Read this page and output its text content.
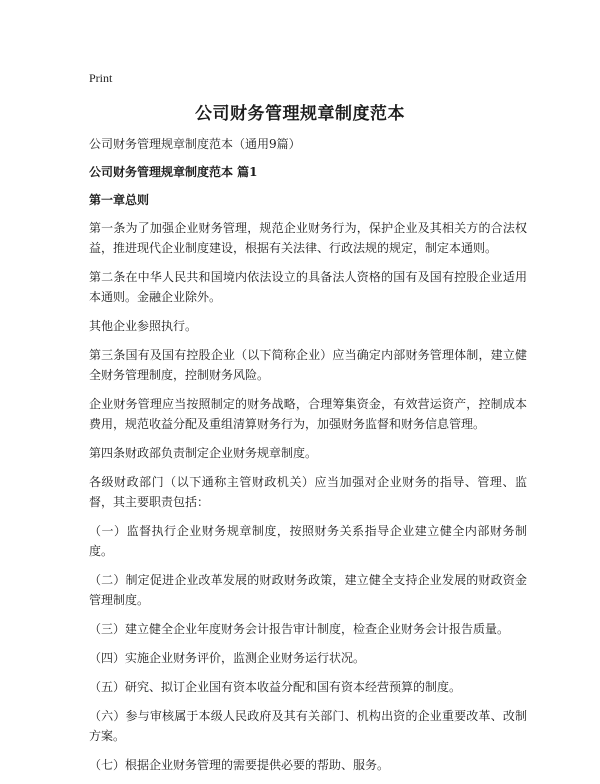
Print
公司财务管理规章制度范本

公司财务管理规章制度范本（通用9篇）

公司财务管理规章制度范本 篇1

第一章总则

第一条为了加强企业财务管理，规范企业财务行为，保护企业及其相关方的合法权益，推进现代企业制度建设，根据有关法律、行政法规的规定，制定本通则。

第二条在中华人民共和国境内依法设立的具备法人资格的国有及国有控股企业适用本通则。金融企业除外。

其他企业参照执行。

第三条国有及国有控股企业（以下简称企业）应当确定内部财务管理体制，建立健全财务管理制度，控制财务风险。

企业财务管理应当按照制定的财务战略，合理筹集资金，有效营运资产，控制成本费用，规范收益分配及重组清算财务行为，加强财务监督和财务信息管理。

第四条财政部负责制定企业财务规章制度。

各级财政部门（以下通称主管财政机关）应当加强对企业财务的指导、管理、监督，其主要职责包括：

（一）监督执行企业财务规章制度，按照财务关系指导企业建立健全内部财务制度。

（二）制定促进企业改革发展的财政财务政策，建立健全支持企业发展的财政资金管理制度。

（三）建立健全企业年度财务会计报告审计制度，检查企业财务会计报告质量。

（四）实施企业财务评价，监测企业财务运行状况。

（五）研究、拟订企业国有资本收益分配和国有资本经营预算的制度。

（六）参与审核属于本级人民政府及其有关部门、机构出资的企业重要改革、改制方案。

（七）根据企业财务管理的需要提供必要的帮助、服务。
